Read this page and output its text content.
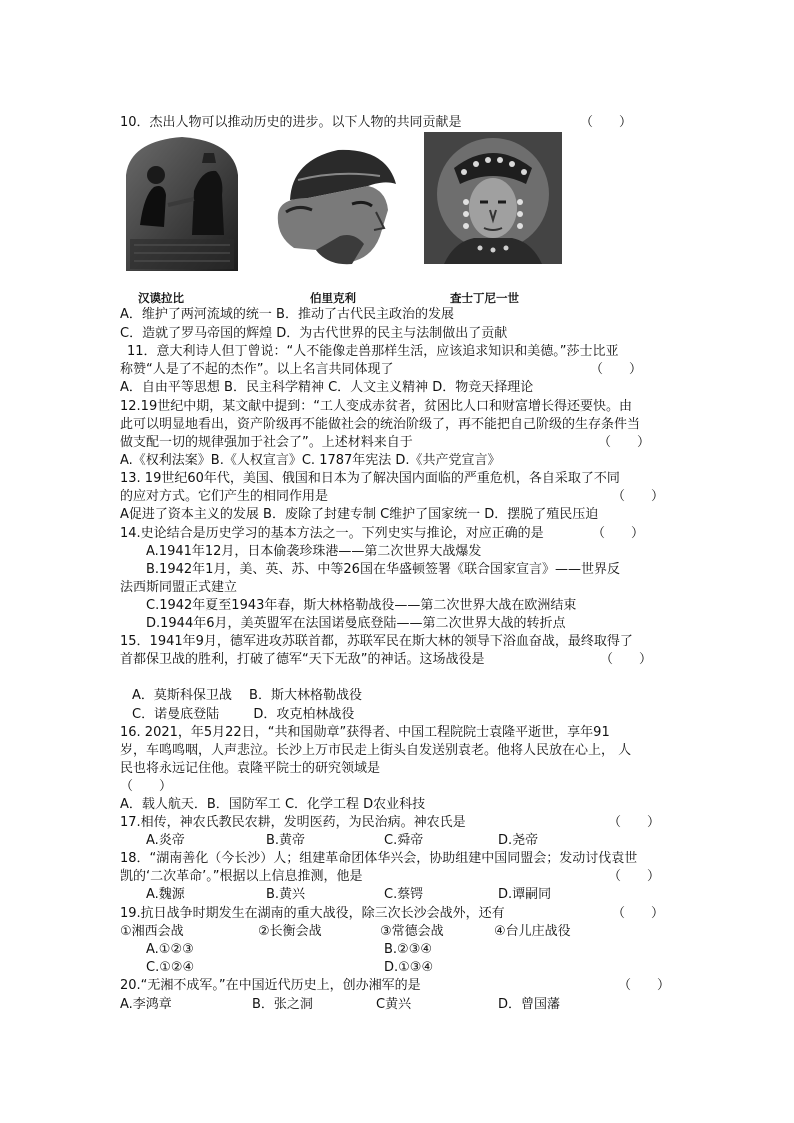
10．杰出人物可以推动历史的进步。以下人物的共同贡献是	（　　）
汉谟拉比	伯里克利	查士丁尼一世
A．维护了两河流域的统一 B．推动了古代民主政治的发展
C．造就了罗马帝国的辉煌 D．为古代世界的民主与法制做出了贡献
11．意大利诗人但丁曾说：“人不能像走兽那样生活，应该追求知识和美德。”莎士比亚
称赞“人是了不起的杰作”。以上名言共同体现了	（　　）
A．自由平等思想 B．民主科学精神 C．人文主义精神 D．物竞天择理论
12.19世纪中期，某文献中提到：“工人变成赤贫者，贫困比人口和财富增长得还要快。由
此可以明显地看出，资产阶级再不能做社会的统治阶级了，再不能把自己阶级的生存条件当
做支配一切的规律强加于社会了”。上述材料来自于	（　　）
A.《权利法案》B.《人权宣言》C. 1787年宪法 D.《共产党宣言》
13. 19世纪60年代，美国、俄国和日本为了解决国内面临的严重危机，各自采取了不同
的应对方式。它们产生的相同作用是	（　　）
A促进了资本主义的发展 B．废除了封建专制 C维护了国家统一 D．摆脱了殖民压迫
14.史论结合是历史学习的基本方法之一。下列史实与推论，对应正确的是	（　　）
A.1941年12月，日本偷袭珍珠港——第二次世界大战爆发
B.1942年1月，美、英、苏、中等26国在华盛顿签署《联合国家宣言》——世界反
法西斯同盟正式建立
C.1942年夏至1943年春，斯大林格勒战役——第二次世界大战在欧洲结束
D.1944年6月，美英盟军在法国诺曼底登陆——第二次世界大战的转折点
15．1941年9月，德军进攻苏联首都，苏联军民在斯大林的领导下浴血奋战，最终取得了
首都保卫战的胜利，打破了德军“天下无敌”的神话。这场战役是	（　　）
A．莫斯科保卫战　 B．斯大林格勒战役
C．诺曼底登陆　 　 D．攻克柏林战役
16. 2021，年5月22日，“共和国勋章”获得者、中国工程院院士袁隆平逝世，享年91
岁，车鸣鸣咽，人声悲泣。长沙上万市民走上街头自发送别袁老。他将人民放在心上， 人
民也将永远记住他。袁隆平院士的研究领域是
（　　）
A．载人航天．B．国防军工 C．化学工程 D农业科技
17.相传，神农氏教民农耕，发明医药，为民治病。神农氏是	（　　）
A.炎帝	B.黄帝	C.舜帝	D.尧帝
18．“湖南善化（今长沙）人；组建革命团体华兴会，协助组建中国同盟会；发动讨伐袁世
凯的‘二次革命’。”根据以上信息推测，他是	（　　）
A.魏源	B.黄兴	C.蔡锷	D.谭嗣同
19.抗日战争时期发生在湖南的重大战役，除三次长沙会战外，还有	（　　）
①湘西会战	②长衡会战	③常德会战	④台儿庄战役
A.①②③	B.②③④
C.①②④	D.①③④
20.“无湘不成军。”在中国近代历史上，创办湘军的是	（　　）
A.李鸿章	B．张之洞	C黄兴	D．曾国藩
